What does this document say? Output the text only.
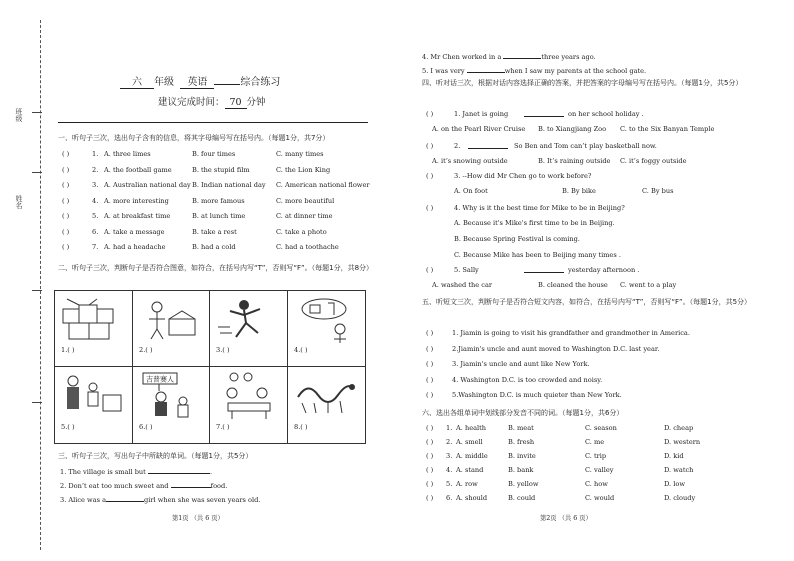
班级
姓名
六 年级 英语	综合练习
建议完成时间： 70 分钟
一、听句子三次，选出句子含有的信息，将其字母编号写在括号内。（每题1分，共7分）
( )	1. A. three limes	B. four times	C. many times
( )	2. A. the football game	B. the stupid film	C. the Lion King
( )	3. A. Australian national day B. Indian national day C. American national flower
( )	4. A. more interesting	B. more famous	C. more beautiful
( )	5. A. at breakfast time	B. at lunch time	C. at dinner time
( )	6. A. take a message	B. take a rest	C. take a photo
( )	7. A. had a headache	B. had a cold	C. had a toothache
二、听句子三次，判断句子是否符合图意，如符合，在括号内写“T”，否则写“F”。（每题1分，共8分）
1.( )	2.( )	3.( )	4.( )
5.( )
吉普赛人
6.( )	7.( )	8.( )
三、听句子三次，写出句子中所缺的单词。（每题1分，共5分）
1. The village is small but	.
2. Don’t eat too much sweet and	food.
3. Alice was a	girl when she was seven years old.
第1页 （共 6 页）
4. Mr Chen worked in a	three years ago.
5. I was very	when I saw my parents at the school gate.
四、听对话三次，根据对话内容选择正确的答案，并把答案的字母编号写在括号内。（每题1分，共5分）
( )	1. Janet is going	on her school holiday .
A. on the Pearl River Cruise B. to Xiangjiang Zoo C. to the Six Banyan Temple
( )	2.	So Ben and Tom can’t play basketball now.
A. it’s snowing outside	B. It’s raining outside C. it’s foggy outside
( )	3. --How did Mr Chen go to work before?
A. On foot	B. By bike	C. By bus
( )	4. Why is it the best time for Mike to be in Beijing?
A. Because it's Mike's first time to be in Beijing.
B. Because Spring Festival is coming.
C. Because Mike has been to Beijing many times .
( )	5. Sally	yesterday afternoon .
A. washed the car	B. cleaned the house C. went to a play
五、听短文三次，判断句子是否符合短文内容，如符合，在括号内写“T”，否则写“F”。（每题1分，共5分）
( )	1. Jiamin is going to visit his grandfather and grandmother in America.
( )	2.Jiamin's uncle and aunt moved to Washington D.C. last year.
( )	3. Jiamin's uncle and aunt like New York.
( )	4. Washington D.C. is too crowded and noisy.
( )	5.Washington D.C. is much quieter than New York.
六、选出各组单词中划线部分发音不同的词。（每题1分，共6分）
( ) 1. A. health	B. meat	C. season	D. cheap
( ) 2. A. smell	B. fresh	C. me	D. western
( ) 3. A. middle	B. invite	C. trip	D. kid
( ) 4. A. stand	B. bank	C. valley	D. watch
( ) 5. A. row	B. yellow	C. how	D. low
( ) 6. A. should	B. could	C. would	D. cloudy
第2页 （共 6 页）
